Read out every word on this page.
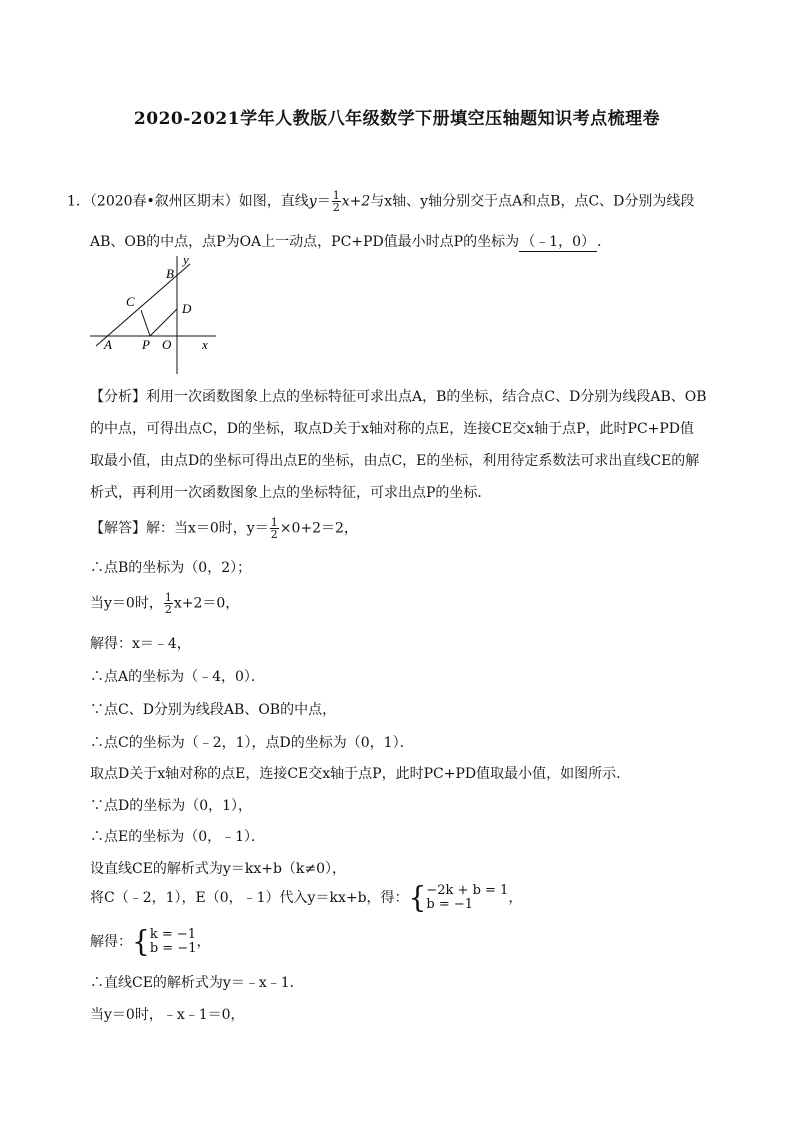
2020-2021学年人教版八年级数学下册填空压轴题知识考点梳理卷
1．（2020春•叙州区期末）如图，直线$y= \frac{1}{2} x+2$与x轴、y轴分别交于点A和点B，点C、D分别为线段
AB、OB的中点，点P为OA上一动点，PC+PD值最小时点P的坐标为 （﹣1，0） ．
y
B
C	D
A P O x
【分析】利用一次函数图象上点的坐标特征可求出点A，B的坐标，结合点C、D分别为线段AB、OB
的中点，可得出点C，D的坐标，取点D关于x轴对称的点E，连接CE交x轴于点P，此时PC+PD值
取最小值，由点D的坐标可得出点E的坐标，由点C，E的坐标，利用待定系数法可求出直线CE的解
析式，再利用一次函数图象上点的坐标特征，可求出点P的坐标．
【解答】解：当x＝0时，$y= \frac{1}{2} \times 0+2=2$，
∴点B的坐标为（0，2）；
当y＝0时， $\frac{1}{2} x+2=0$，
解得：x＝﹣4，
∴点A的坐标为（﹣4，0）．
∵点C、D分别为线段AB、OB的中点，
∴点C的坐标为（﹣2，1），点D的坐标为（0，1）．
取点D关于x轴对称的点E，连接CE交x轴于点P，此时PC+PD值取最小值，如图所示．
∵点D的坐标为（0，1），
∴点E的坐标为（0，﹣1）．
设直线CE的解析式为y＝kx+b（k≠0），
将C（﹣2，1），E（0，﹣1）代入y＝kx+b，得：{ −2k + b = 1
b = −1	，
解得：{ k = −1
b = −1 ，
∴直线CE的解析式为y＝﹣x﹣1．
当y＝0时，﹣x﹣1＝0，
